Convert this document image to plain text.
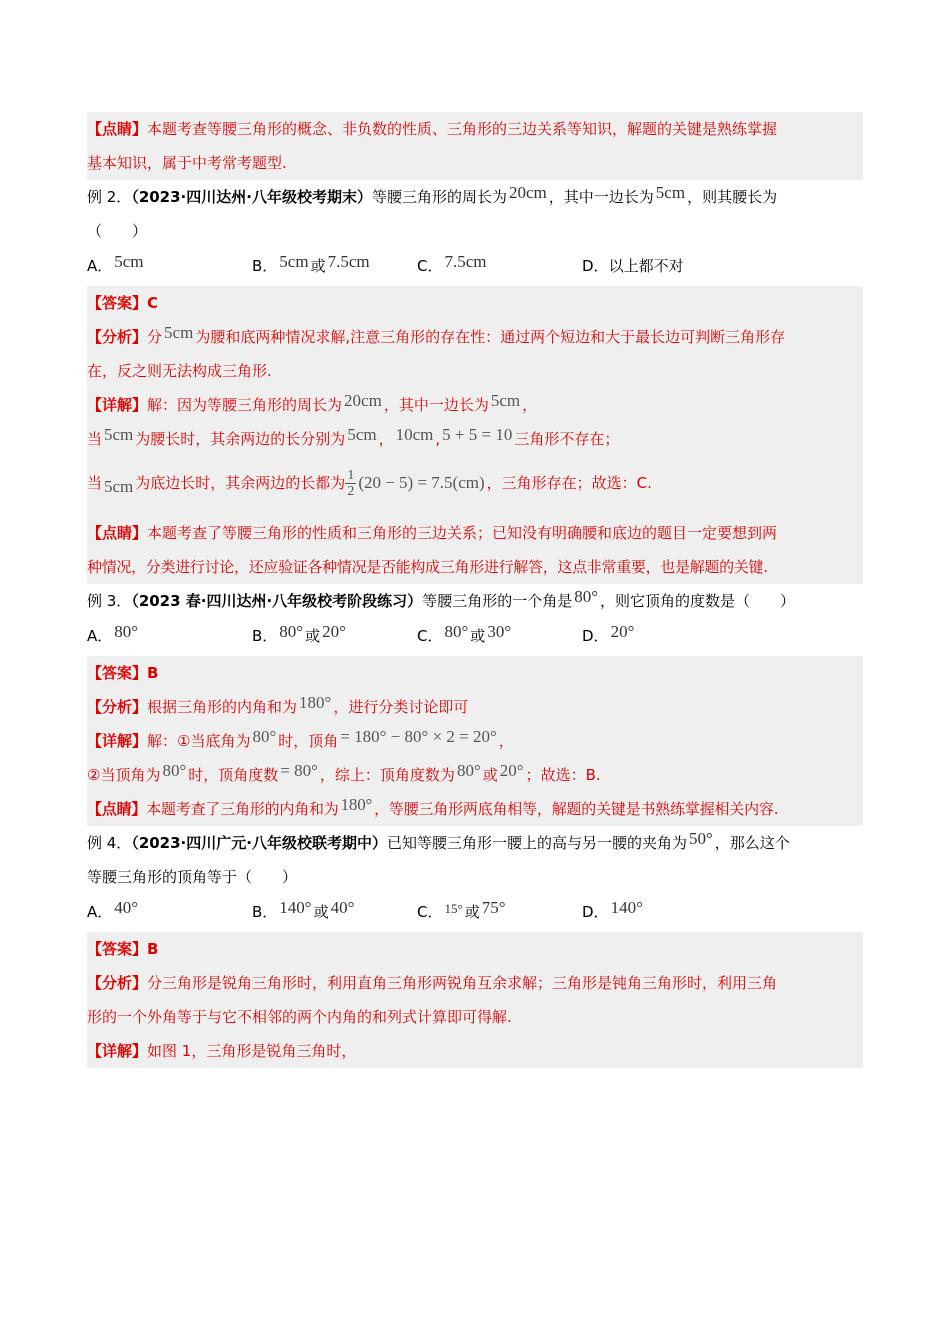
【点睛】本题考查等腰三角形的概念、非负数的性质、三角形的三边关系等知识，解题的关键是熟练掌握
基本知识，属于中考常考题型.
例 2．（2023·四川达州·八年级校考期末）等腰三角形的周长为 20cm ，其中一边长为 5cm ，则其腰长为
（　　）
A． 5cm	B． 5cm 或 7.5cm	C． 7.5cm	D．以上都不对
【答案】C
【分析】分 5cm 为腰和底两种情况求解,注意三角形的存在性：通过两个短边和大于最长边可判断三角形存
在，反之则无法构成三角形.
【详解】解：因为等腰三角形的周长为 20cm ，其中一边长为 5cm ，
当 5cm 为腰长时，其余两边的长分别为 5cm ， 10cm , 5 + 5 = 10 三角形不存在；
当 5cm 为底边长时，其余两边的长都为 $\frac{1}{2} (20 - 5) = 7.5(cm)$ ，三角形存在；故选：C.
【点睛】本题考查了等腰三角形的性质和三角形的三边关系；已知没有明确腰和底边的题目一定要想到两
种情况，分类进行讨论，还应验证各种情况是否能构成三角形进行解答，这点非常重要，也是解题的关键.
例 3．（2023 春·四川达州·八年级校考阶段练习）等腰三角形的一个角是 80° ，则它顶角的度数是（　　）
A． 80°	B． 80° 或 20°	C． 80° 或 30°	D． 20°
【答案】B
【分析】根据三角形的内角和为 180° ，进行分类讨论即可
【详解】解：①当底角为 80° 时，顶角 = 180° − 80° × 2 = 20° ，
②当顶角为 80° 时，顶角度数 = 80° ，综上：顶角度数为 80° 或 20° ；故选：B.
【点睛】本题考查了三角形的内角和为 180° ，等腰三角形两底角相等，解题的关键是书熟练掌握相关内容.
例 4．（2023·四川广元·八年级校联考期中）已知等腰三角形一腰上的高与另一腰的夹角为 50° ，那么这个
等腰三角形的顶角等于（　　）
A． 40°	B． 140° 或 40°	C． 15° 或 75°	D． 140°
【答案】B
【分析】分三角形是锐角三角形时，利用直角三角形两锐角互余求解；三角形是钝角三角形时，利用三角
形的一个外角等于与它不相邻的两个内角的和列式计算即可得解.
【详解】如图 1，三角形是锐角三角时，
